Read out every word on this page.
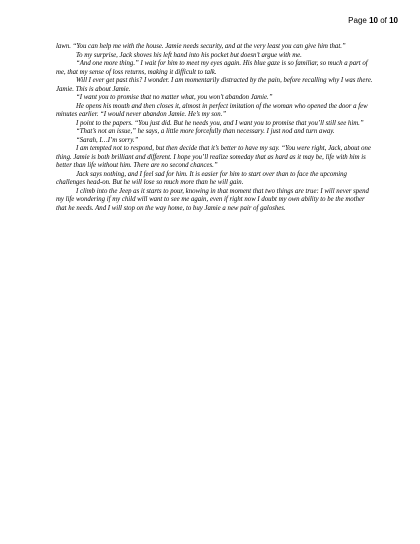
Page 10 of 10

lawn. “You can help me with the house. Jamie needs security, and at the very least you can give him that.”

To my surprise, Jack shoves his left hand into his pocket but doesn’t argue with me.

“And one more thing.” I wait for him to meet my eyes again. His blue gaze is so familiar, so much a part of me, that my sense of loss returns, making it difficult to talk.

Will I ever get past this? I wonder. I am momentarily distracted by the pain, before recalling why I was there. Jamie. This is about Jamie.

“I want you to promise that no matter what, you won’t abandon Jamie.”

He opens his mouth and then closes it, almost in perfect imitation of the woman who opened the door a few minutes earlier. “I would never abandon Jamie. He’s my son.”

I point to the papers. “You just did. But he needs you, and I want you to promise that you’ll still see him.”

“That’s not an issue,” he says, a little more forcefully than necessary. I just nod and turn away.

“Sarah, I…I’m sorry.”

I am tempted not to respond, but then decide that it’s better to have my say. “You were right, Jack, about one thing. Jamie is both brilliant and different. I hope you’ll realize someday that as hard as it may be, life with him is better than life without him. There are no second chances.”

Jack says nothing, and I feel sad for him. It is easier for him to start over than to face the upcoming challenges head-on. But he will lose so much more than he will gain.

I climb into the Jeep as it starts to pour, knowing in that moment that two things are true: I will never spend my life wondering if my child will want to see me again, even if right now I doubt my own ability to be the mother that he needs. And I will stop on the way home, to buy Jamie a new pair of galoshes.
